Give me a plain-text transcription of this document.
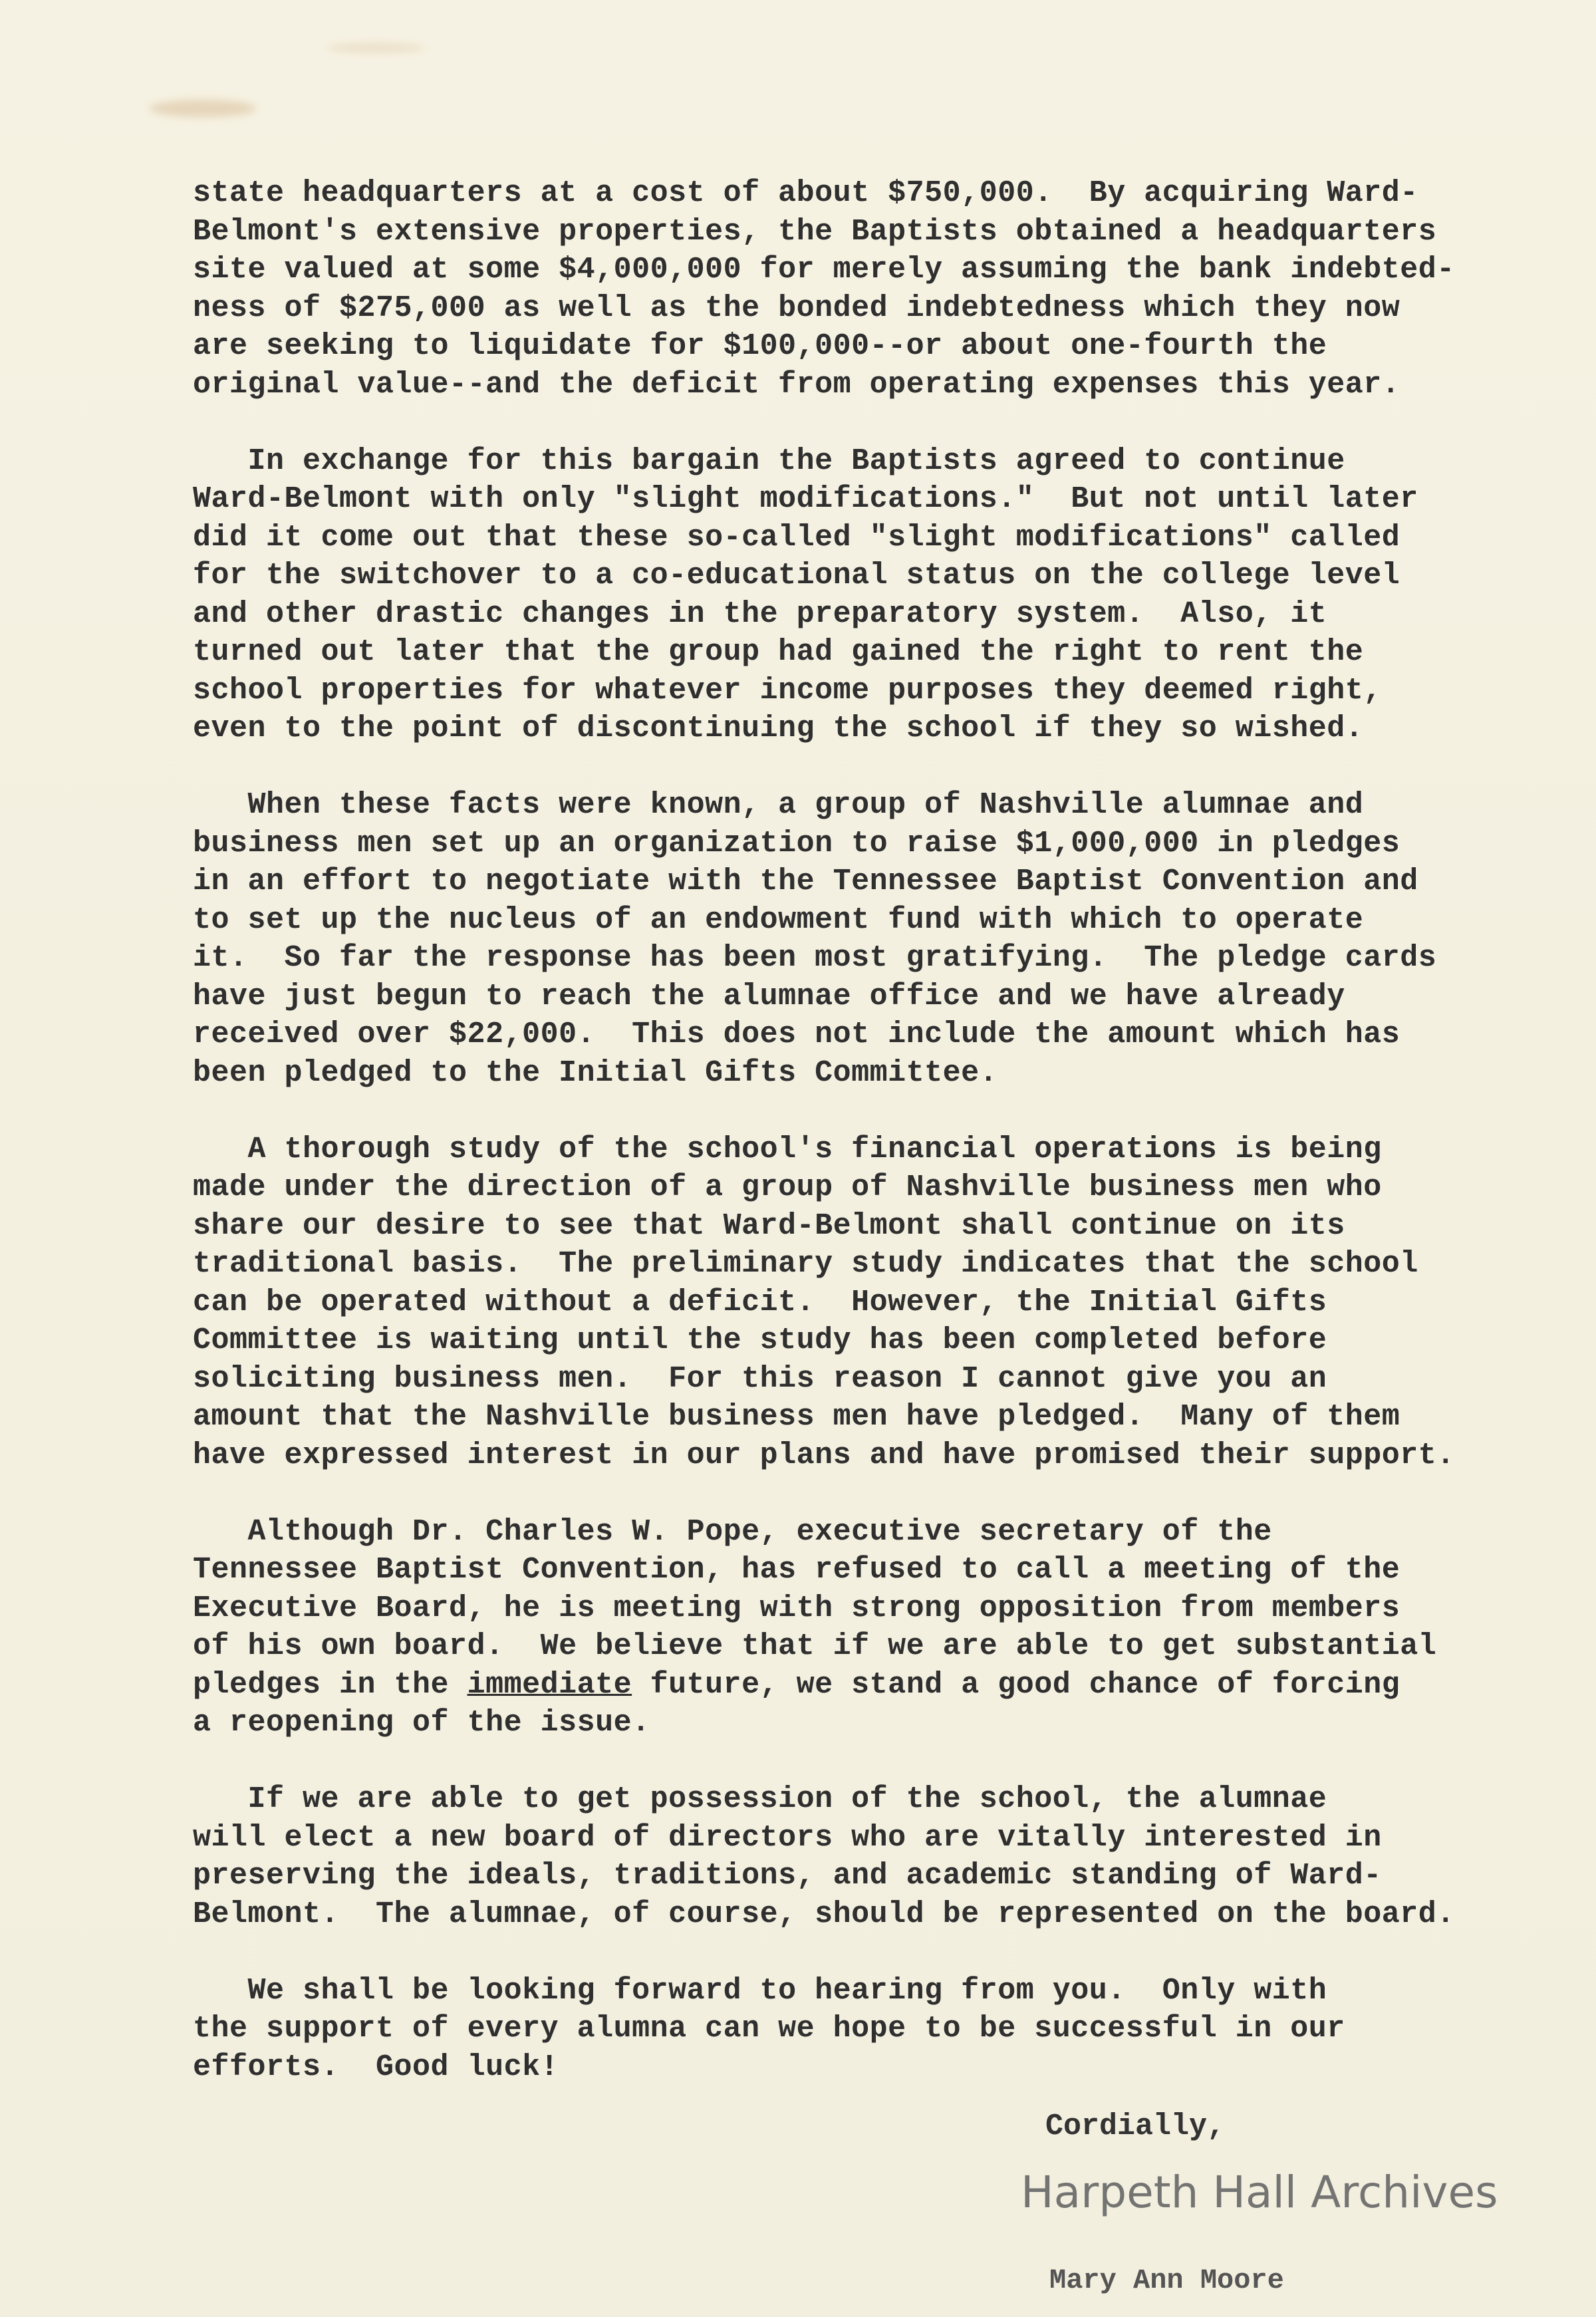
state headquarters at a cost of about $750,000.  By acquiring Ward-
Belmont's extensive properties, the Baptists obtained a headquarters
site valued at some $4,000,000 for merely assuming the bank indebted-
ness of $275,000 as well as the bonded indebtedness which they now
are seeking to liquidate for $100,000--or about one-fourth the
original value--and the deficit from operating expenses this year.
In exchange for this bargain the Baptists agreed to continue
Ward-Belmont with only "slight modifications."  But not until later
did it come out that these so-called "slight modifications" called
for the switchover to a co-educational status on the college level
and other drastic changes in the preparatory system.  Also, it
turned out later that the group had gained the right to rent the
school properties for whatever income purposes they deemed right,
even to the point of discontinuing the school if they so wished.
When these facts were known, a group of Nashville alumnae and
business men set up an organization to raise $1,000,000 in pledges
in an effort to negotiate with the Tennessee Baptist Convention and
to set up the nucleus of an endowment fund with which to operate
it.  So far the response has been most gratifying.  The pledge cards
have just begun to reach the alumnae office and we have already
received over $22,000.  This does not include the amount which has
been pledged to the Initial Gifts Committee.
A thorough study of the school's financial operations is being
made under the direction of a group of Nashville business men who
share our desire to see that Ward-Belmont shall continue on its
traditional basis.  The preliminary study indicates that the school
can be operated without a deficit.  However, the Initial Gifts
Committee is waiting until the study has been completed before
soliciting business men.  For this reason I cannot give you an
amount that the Nashville business men have pledged.  Many of them
have expressed interest in our plans and have promised their support.
Although Dr. Charles W. Pope, executive secretary of the
Tennessee Baptist Convention, has refused to call a meeting of the
Executive Board, he is meeting with strong opposition from members
of his own board.  We believe that if we are able to get substantial
pledges in the immediate future, we stand a good chance of forcing
a reopening of the issue.
If we are able to get possession of the school, the alumnae
will elect a new board of directors who are vitally interested in
preserving the ideals, traditions, and academic standing of Ward-
Belmont.  The alumnae, of course, should be represented on the board.
We shall be looking forward to hearing from you.  Only with
the support of every alumna can we hope to be successful in our
efforts.  Good luck!
Cordially,
Harpeth Hall Archives
Mary Ann Moore
